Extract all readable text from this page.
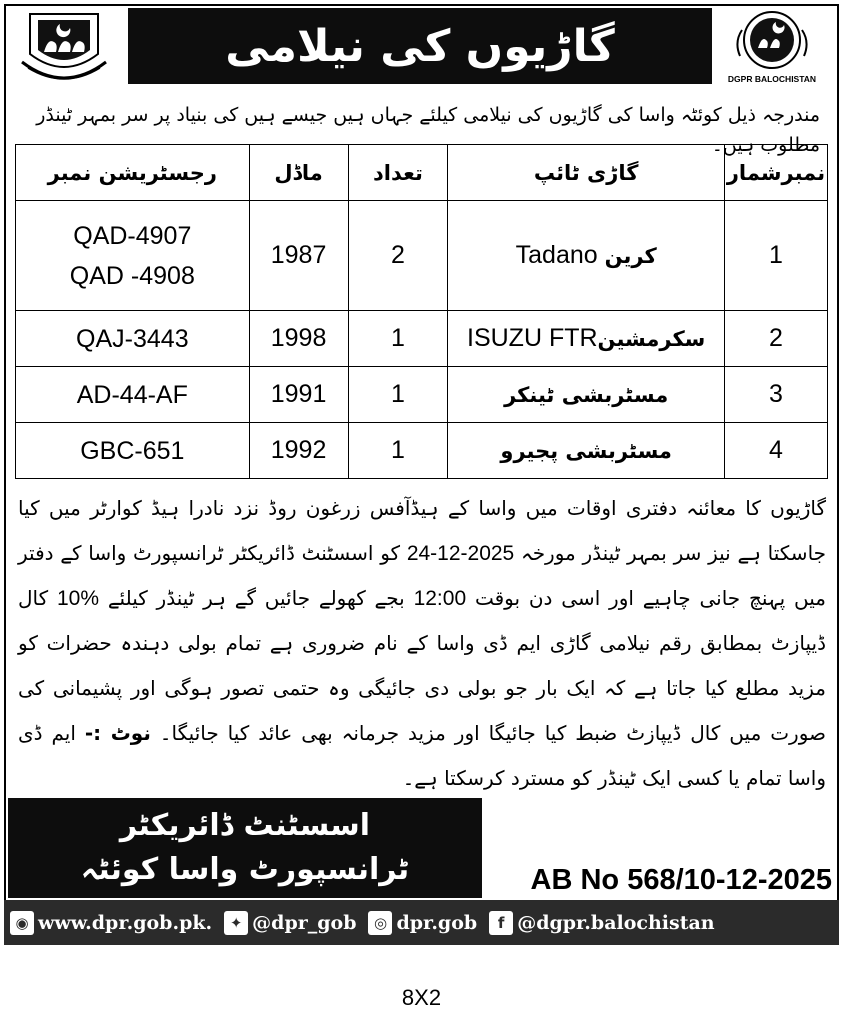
گاڑیوں کی نیلامی
DGPR BALOCHISTAN
مندرجہ ذیل کوئٹہ واسا کی گاڑیوں کی نیلامی کیلئے جہاں ہیں جیسے ہیں کی بنیاد پر سر بمہر ٹینڈر مطلوب ہیں۔
نمبرشمار	گاڑی ٹائپ	تعداد	ماڈل	رجسٹریشن نمبر
1	کرین Tadano	2	1987	QAD-4907
QAD -4908

2	سکرمشینISUZU FTR	1	1998	QAJ-3443

3	مسٹربشی ٹینکر	1	1991	AD-44-AF

4	مسٹربشی پجیرو	1	1992	GBC-651
گاڑیوں کا معائنہ دفتری اوقات میں واسا کے ہیڈآفس زرغون روڈ نزد نادرا ہیڈ کوارٹر میں کیا جاسکتا ہے نیز سر بمہر ٹینڈر مورخہ 24-12-2025 کو اسسٹنٹ ڈائریکٹر ٹرانسپورٹ واسا کے دفتر میں پہنچ جانی چاہیے اور اسی دن بوقت 12:00 بجے کھولے جائیں گے ہر ٹینڈر کیلئے 10% کال ڈیپازٹ بمطابق رقم نیلامی گاڑی ایم ڈی واسا کے نام ضروری ہے تمام بولی دہندہ حضرات کو مزید مطلع کیا جاتا ہے کہ ایک بار جو بولی دی جائیگی وہ حتمی تصور ہوگی اور پشیمانی کی صورت میں کال ڈیپازٹ ضبط کیا جائیگا اور مزید جرمانہ بھی عائد کیا جائیگا۔ نوٹ :- ایم ڈی واسا تمام یا کسی ایک ٹینڈر کو مسترد کرسکتا ہے۔
اسسٹنٹ ڈائریکٹر
ٹرانسپورٹ واسا کوئٹہ	AB No 568/10-12-2025
◉ www.dpr.gob.pk.	✦ @dpr_gob	◎ dpr.gob	f @dgpr.balochistan
8X2
